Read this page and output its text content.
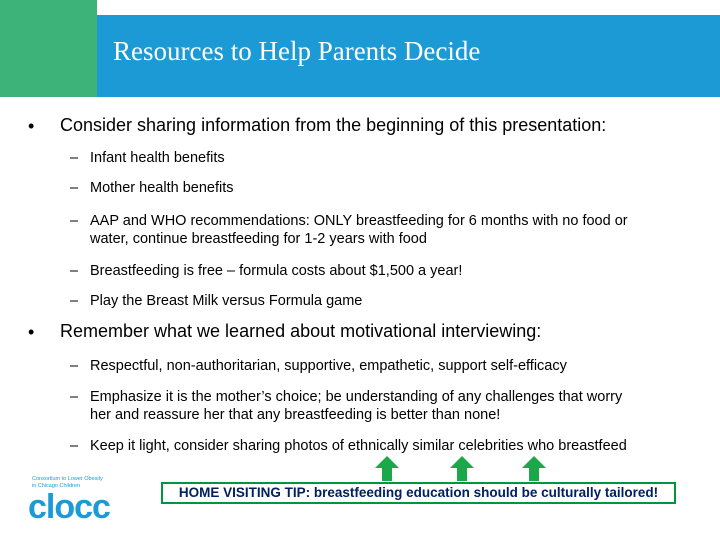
Resources to Help Parents Decide
• Consider sharing information from the beginning of this presentation:
– Infant health benefits
– Mother health benefits
– AAP and WHO recommendations: ONLY breastfeeding for 6 months with no food or
water, continue breastfeeding for 1-2 years with food
– Breastfeeding is free – formula costs about $1,500 a year!
– Play the Breast Milk versus Formula game
• Remember what we learned about motivational interviewing:
– Respectful, non-authoritarian, supportive, empathetic, support self-efficacy
– Emphasize it is the mother’s choice; be understanding of any challenges that worry
her and reassure her that any breastfeeding is better than none!
– Keep it light, consider sharing photos of ethnically similar celebrities who breastfeed
HOME VISITING TIP: breastfeeding education should be culturally tailored!
Consortium to Lower Obesity
in Chicago Children
clocc
